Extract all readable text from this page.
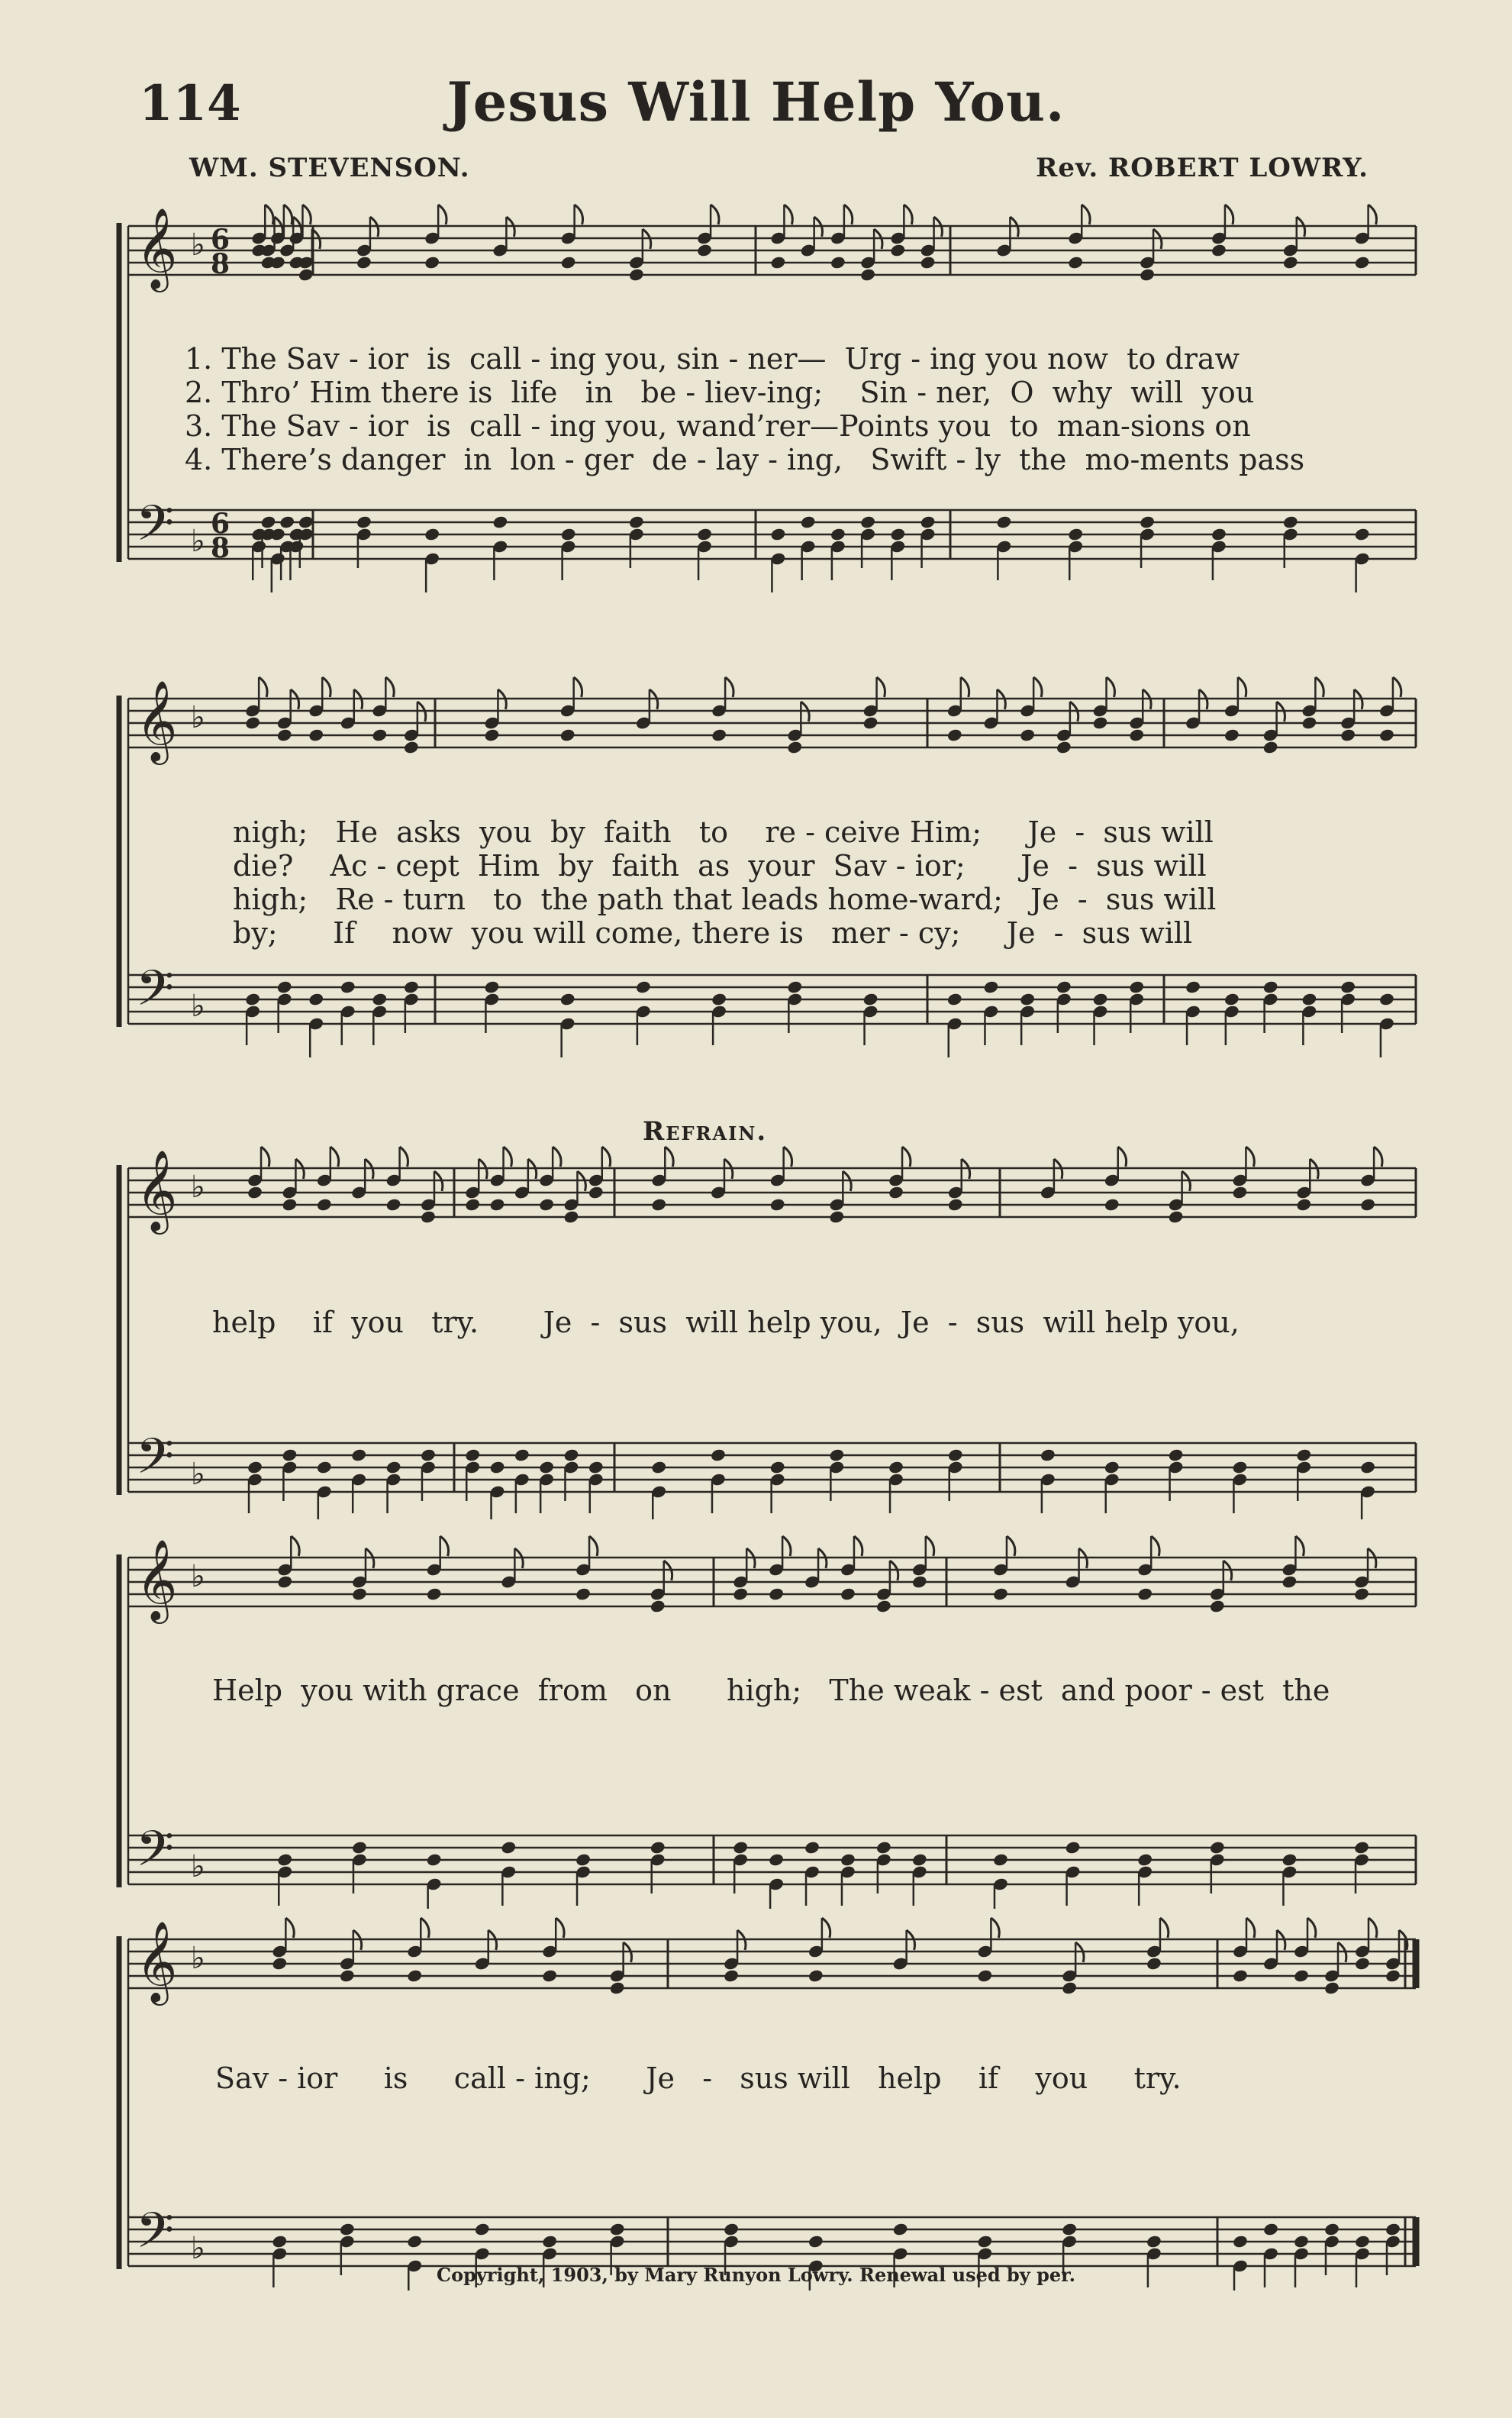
114	Jesus Will Help You.
WM. STEVENSON.	Rev. ROBERT LOWRY.
𝄞
𝄢
♭
♭
6
8
6
8
𝄞
𝄢
♭
♭
Refrain.
𝄞
𝄢
♭
♭
𝄞
𝄢
♭
♭
𝄞
𝄢
♭
♭
1. The Sav - ior  is  call - ing you, sin - ner—  Urg - ing you now  to draw
2. Thro’ Him there is  life   in   be - liev-ing;    Sin - ner,  O  why  will  you
3. The Sav - ior  is  call - ing you, wand’rer—Points you  to  man-sions on
4. There’s danger  in  lon - ger  de - lay - ing,   Swift - ly  the  mo-ments pass
nigh;   He  asks  you  by  faith   to    re - ceive Him;     Je  -  sus will
die?    Ac - cept  Him  by  faith  as  your  Sav - ior;      Je  -  sus will
high;   Re - turn   to  the path that leads home-ward;   Je  -  sus will
by;      If    now  you will come, there is   mer - cy;     Je  -  sus will
help    if  you   try.       Je  -  sus  will help you,  Je  -  sus  will help you,
Help  you with grace  from   on      high;   The weak - est  and poor - est  the
Sav - ior     is     call - ing;      Je   -   sus will   help    if    you     try.
Copyright, 1903, by Mary Runyon Lowry. Renewal used by per.
